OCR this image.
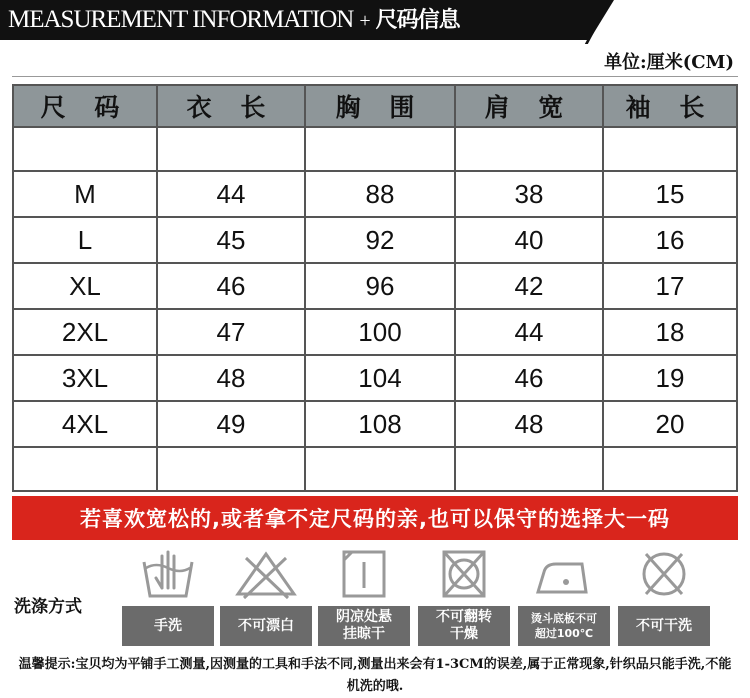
MEASUREMENT INFORMATION + 尺码信息
单位:厘米(CM)
尺 码	衣 长	胸 围	肩 宽	袖 长
M	44	88	38	15
L	45	92	40	16
XL	46	96	42	17
2XL	47	100	44	18
3XL	48	104	46	19
4XL	49	108	48	20
若喜欢宽松的,或者拿不定尺码的亲,也可以保守的选择大一码
洗涤方式
手洗	不可漂白
阴凉处悬
挂晾干
不可翻转
干燥
烫斗底板不可
超过100℃	不可干洗
温馨提示:宝贝均为平铺手工测量,因测量的工具和手法不同,测量出来会有1-3CM的误差,属于正常现象,针织品只能手洗,不能机洗的哦.
